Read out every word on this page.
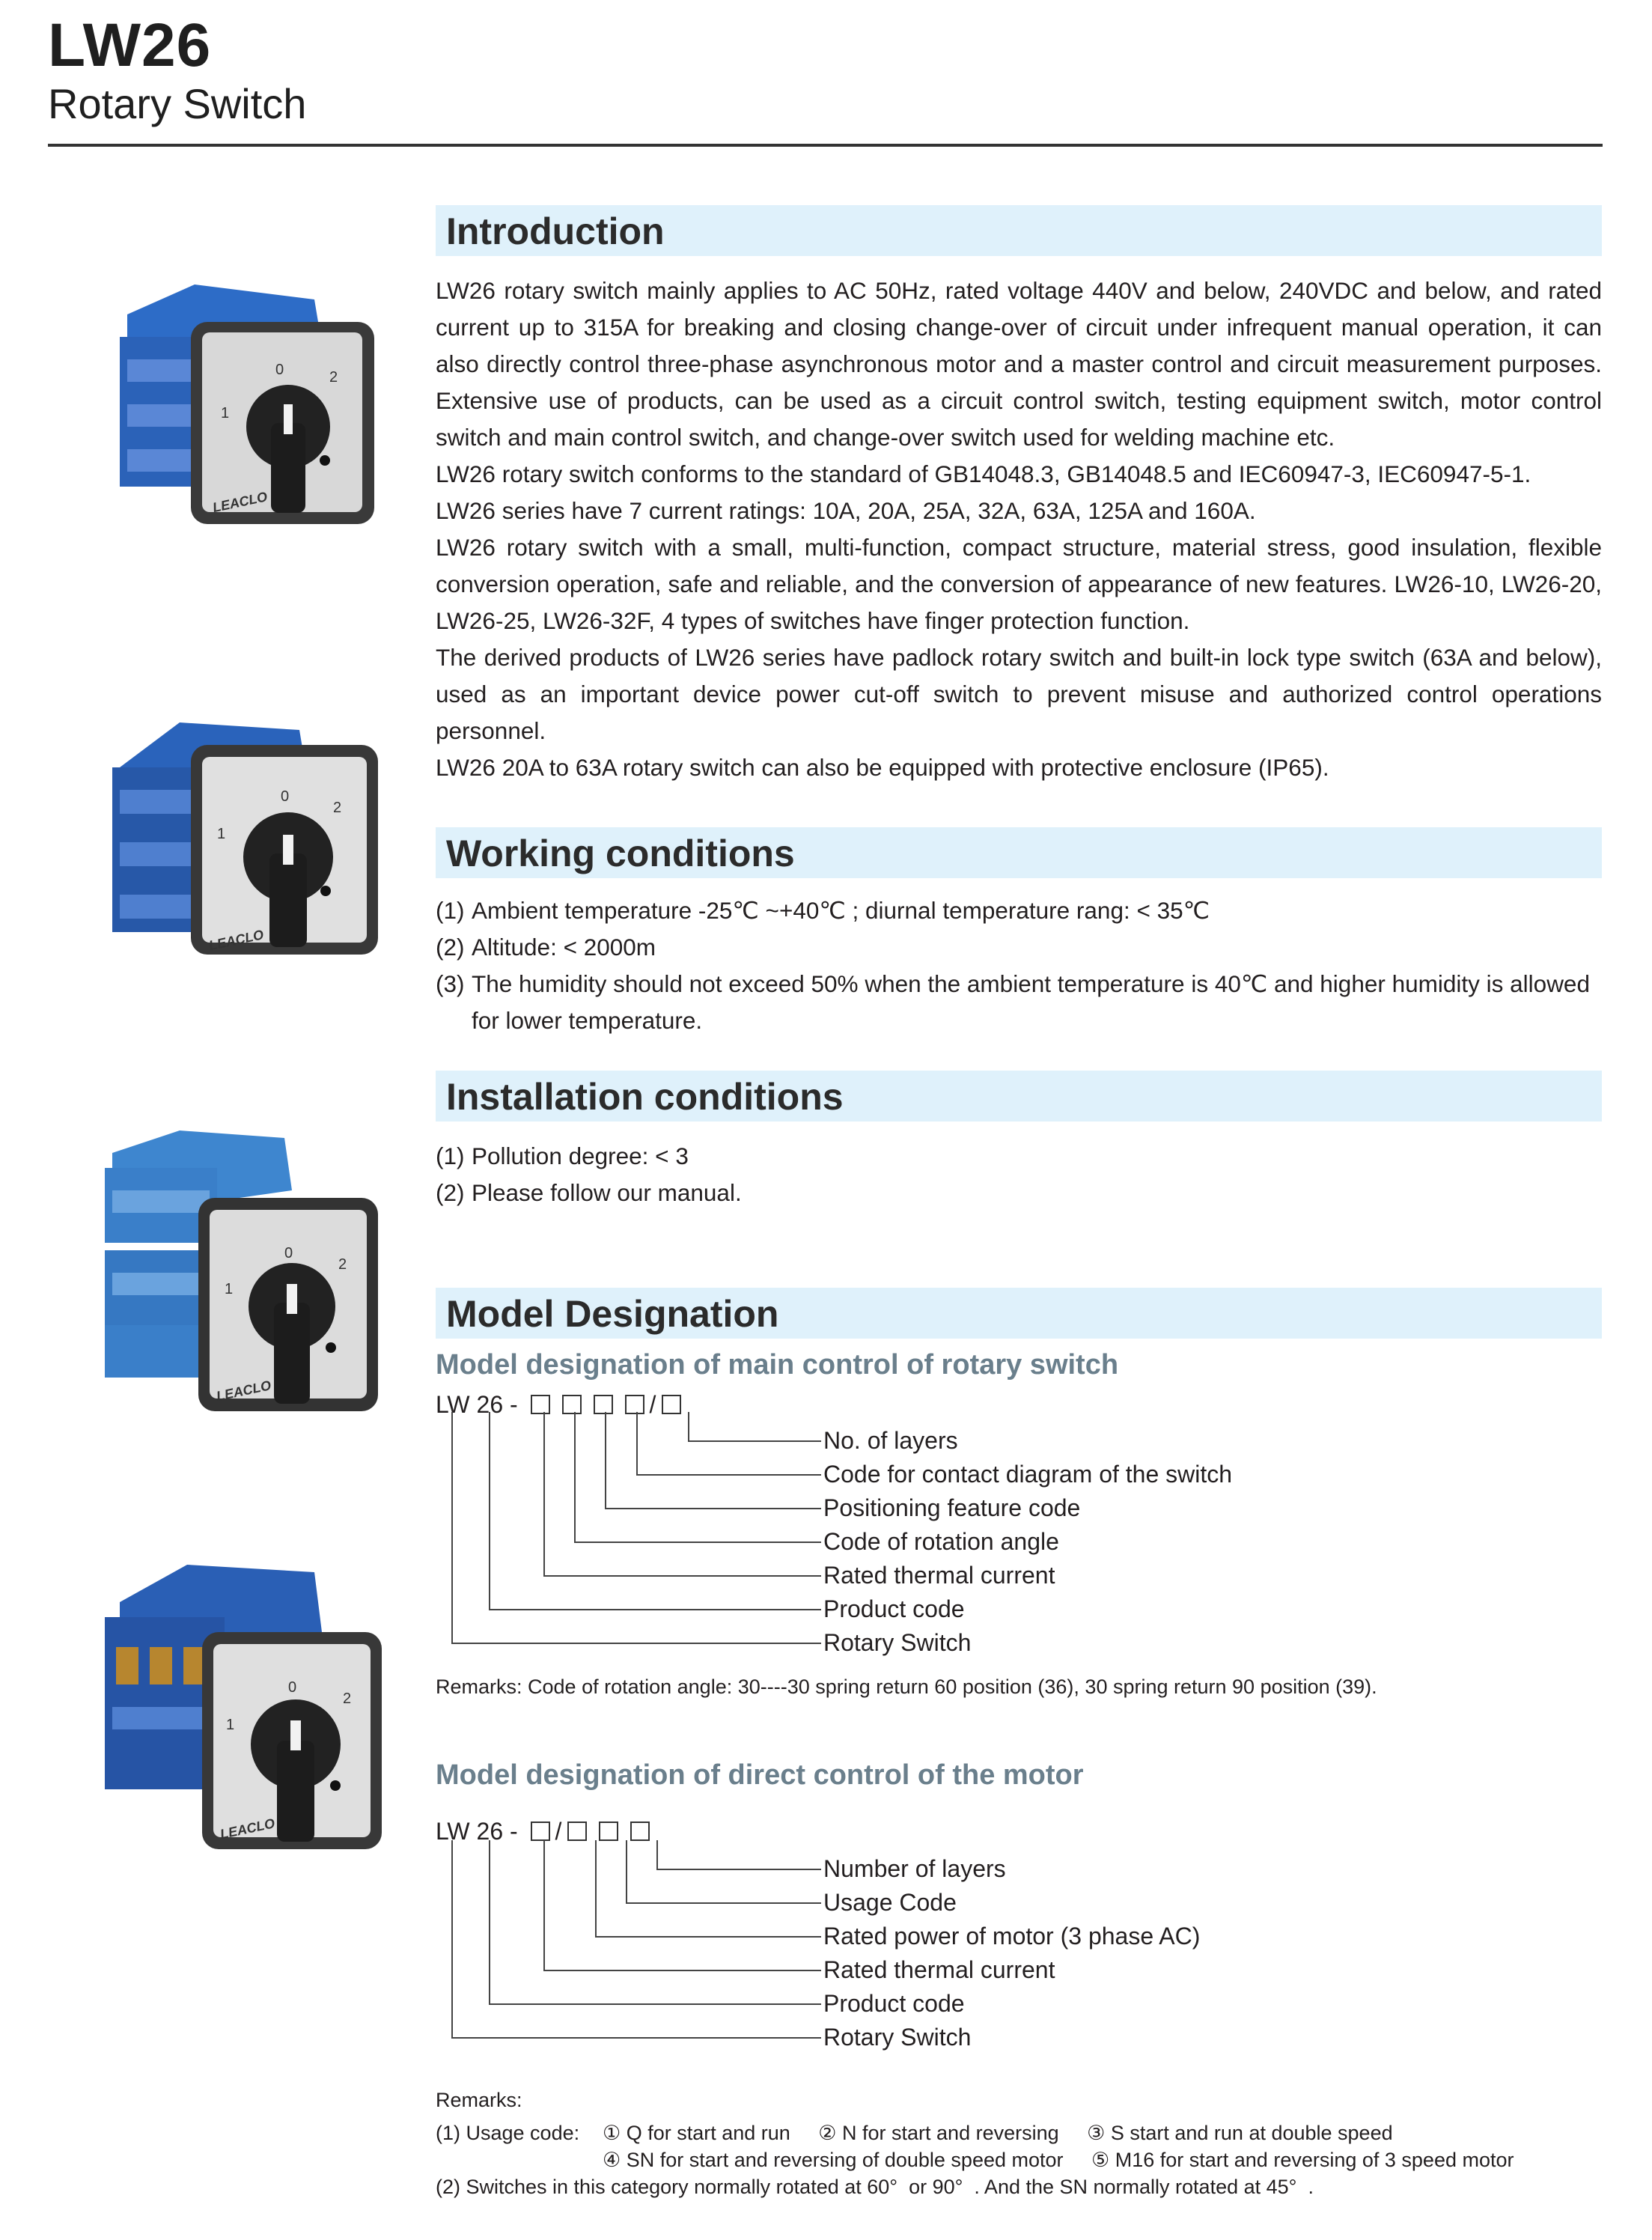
LW26
Rotary Switch
0
1
2
LEACLO
0
1
2
LEACLO
0
1
2
LEACLO
0
1
2
LEACLO
Introduction

LW26 rotary switch mainly applies to AC 50Hz, rated voltage 440V and below, 240VDC and below, and rated current up to 315A for breaking and closing change-over of circuit under infrequent manual operation, it can also directly control three-phase asynchronous motor and a master control and circuit measurement purposes. Extensive use of products, can be used as a circuit control switch, testing equipment switch, motor control switch and main control switch, and change-over switch used for welding machine etc.

LW26 rotary switch conforms to the standard of GB14048.3, GB14048.5 and IEC60947-3, IEC60947-5-1.

LW26 series have 7 current ratings: 10A, 20A, 25A, 32A, 63A, 125A and 160A.

LW26 rotary switch with a small, multi-function, compact structure, material stress, good insulation, flexible conversion operation, safe and reliable, and the conversion of appearance of new features. LW26-10, LW26-20, LW26-25, LW26-32F, 4 types of switches have finger protection function.

The derived products of LW26 series have padlock rotary switch and built-in lock type switch (63A and below), used as an important device power cut-off switch to prevent misuse and authorized control operations personnel.

LW26 20A to 63A rotary switch can also be equipped with protective enclosure (IP65).

Working conditions
(1) Ambient temperature -25℃ ~+40℃ ; diurnal temperature rang: < 35℃
(2) Altitude: < 2000m
(3) The humidity should not exceed 50% when the ambient temperature is 40℃ and higher humidity is allowed for lower temperature.
Installation conditions
(1) Pollution degree: < 3
(2) Please follow our manual.
Model Designation
Model designation of main control of rotary switch
LW 26 -	/
No. of layers
Code for contact diagram of the switch
Positioning feature code
Code of rotation angle
Rated thermal current
Product code
Rotary Switch
Remarks: Code of rotation angle: 30----30 spring return 60 position (36), 30 spring return 90 position (39).
Model designation of direct control of the motor
LW 26 - /
Number of layers
Usage Code
Rated power of motor (3 phase AC)
Rated thermal current
Product code
Rotary Switch
Remarks:
(1) Usage code: ① Q for start and run     ② N for start and reversing     ③ S start and run at double speed
④ SN for start and reversing of double speed motor     ⑤ M16 for start and reversing of 3 speed motor
(2) Switches in this category normally rotated at 60°  or 90°  . And the SN normally rotated at 45°  .
